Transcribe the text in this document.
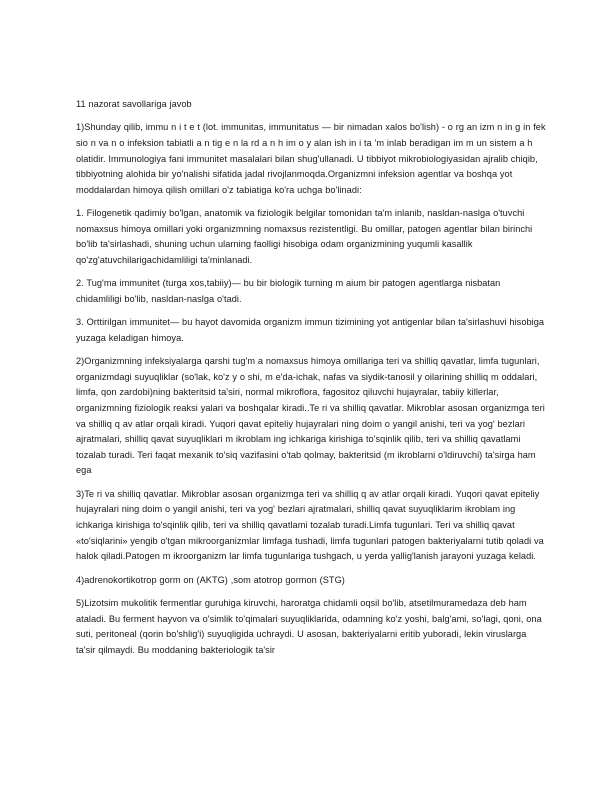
11 nazorat savollariga javob

1)Shunday qilib, immu n i t e t (lot. immunitas, immunitatus — bir nimadan xalos bo'lish) - o rg an izm n in g in fek sio n va n o infeksion tabiatli a n tig e n la rd a n h im o y alan ish in i ta 'm inlab beradigan im m un sistem a h olatidir. Immunologiya fani immunitet masalalari bilan shug'ullanadi. U tibbiyot mikrobiologiyasidan ajralib chiqib, tibbiyotning alohida bir yo'nalishi sifatida jadal rivojlanmoqda.Organizmni infeksion agentlar va boshqa yot moddalardan himoya qilish omillari o'z tabiatiga ko'ra uchga bo'linadi:

1. Filogenetik qadimiy bo'lgan, anatomik va fiziologik belgilar tomonidan ta'm inlanib, nasldan-naslga o'tuvchi nomaxsus himoya omillari yoki organizmning nomaxsus rezistentligi. Bu omillar, patogen agentlar bilan birinchi bo'lib ta'sirlashadi, shuning uchun ularning faolligi hisobiga odam organizmining yuqumli kasallik qo'zg'atuvchilarigachidamliligi ta'minlanadi.

2. Tug'ma immunitet (turga xos,tabiiy)— bu bir biologik turning m aium bir patogen agentlarga nisbatan chidamliligi bo'lib, nasldan-naslga o'tadi.

3. Orttirilgan immunitet— bu hayot davomida organizm immun tizimining yot antigenlar bilan ta'sirlashuvi hisobiga yuzaga keladigan himoya.

2)Organizmning infeksiyalarga qarshi tug'm a nomaxsus himoya omillariga teri va shilliq qavatlar, limfa tugunlari, organizmdagi suyuqliklar (so'lak, ko'z y o shi, m e'da-ichak, nafas va siydik-tanosil y oilarining shilliq m oddalari, limfa, qon zardobi)ning bakteritsid ta'siri, normal mikroflora, fagositoz qiluvchi hujayralar, tabiiy killerlar, organizmning fiziologik reaksi yalari va boshqalar kiradi..Te ri va shilliq qavatlar. Mikroblar asosan organizmga teri va shilliq q av atlar orqali kiradi. Yuqori qavat epiteliy hujayralari ning doim o yangil anishi, teri va yog' bezlari ajratmalari, shilliq qavat suyuqliklari m ikroblam ing ichkariga kirishiga to'sqinlik qilib, teri va shilliq qavatlami tozalab turadi. Teri faqat mexanik to'siq vazifasini o'tab qolmay, bakteritsid (m ikroblarni o'ldiruvchi) ta'sirga ham ega

3)Te ri va shilliq qavatlar. Mikroblar asosan organizmga teri va shilliq q av atlar orqali kiradi. Yuqori qavat epiteliy hujayralari ning doim o yangil anishi, teri va yog' bezlari ajratmalari, shilliq qavat suyuqliklarim ikroblam ing ichkariga kirishiga to'sqinlik qilib, teri va shilliq qavatlami tozalab turadi.Limfa tugunlari. Teri va shilliq qavat «to'siqlarini» yengib o'tgan mikroorganizmlar limfaga tushadi, limfa tugunlari patogen bakteriyalarni tutib qoladi va halok qiladi.Patogen m ikroorganizm lar limfa tugunlariga tushgach, u yerda yallig'lanish jarayoni yuzaga keladi.

4)adrenokortikotrop gorm on (AKTG) ,som atotrop gormon (STG)

5)Lizotsim mukolitik fermentlar guruhiga kiruvchi, haroratga chidamli oqsil bo'lib, atsetilmuramedaza deb ham ataladi. Bu ferment hayvon va o'simlik to'qimalari suyuqliklarida, odamning ko'z yoshi, balg'ami, so'lagi, qoni, ona suti, peritoneal (qorin bo'shlig'i) suyuqligida uchraydi. U asosan, bakteriyalarni eritib yuboradi, lekin viruslarga ta'sir qilmaydi. Bu moddaning bakteriologik ta'sir
